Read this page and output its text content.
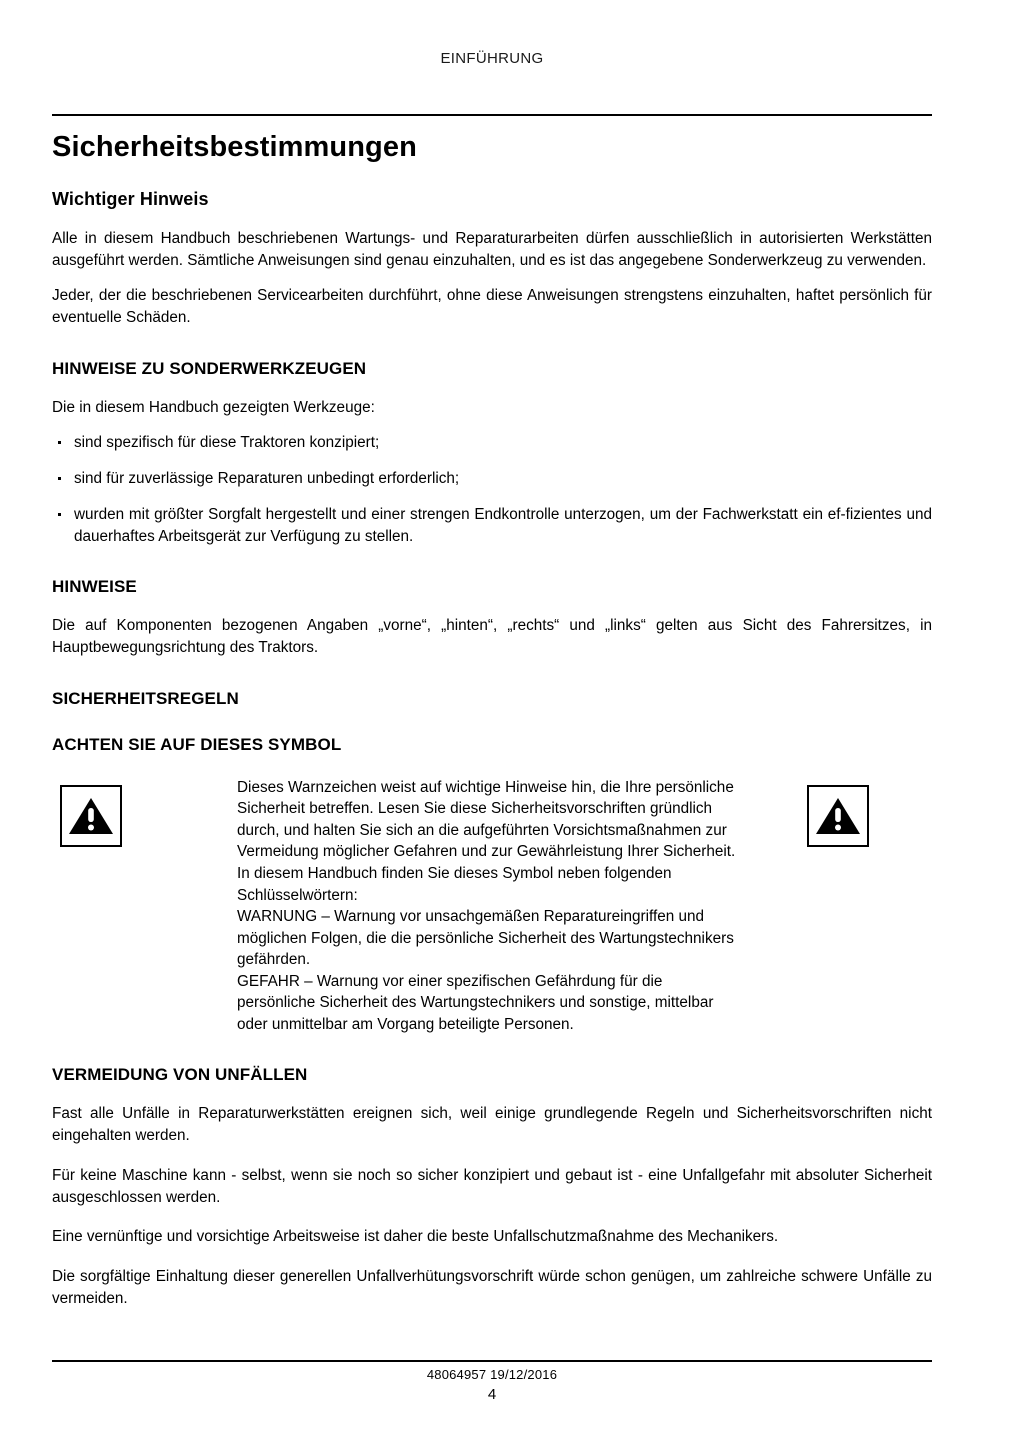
EINFÜHRUNG
Sicherheitsbestimmungen
Wichtiger Hinweis

Alle in diesem Handbuch beschriebenen Wartungs- und Reparaturarbeiten dürfen ausschließlich in autorisierten Werkstätten ausgeführt werden. Sämtliche Anweisungen sind genau einzuhalten, und es ist das angegebene Sonderwerkzeug zu verwenden.

Jeder, der die beschriebenen Servicearbeiten durchführt, ohne diese Anweisungen strengstens einzuhalten, haftet persönlich für eventuelle Schäden.

HINWEISE ZU SONDERWERKZEUGEN

Die in diesem Handbuch gezeigten Werkzeuge:

sind spezifisch für diese Traktoren konzipiert;
sind für zuverlässige Reparaturen unbedingt erforderlich;
wurden mit größter Sorgfalt hergestellt und einer strengen Endkontrolle unterzogen, um der Fachwerkstatt ein ef-fizientes und dauerhaftes Arbeitsgerät zur Verfügung zu stellen.
HINWEISE

Die auf Komponenten bezogenen Angaben „vorne“, „hinten“, „rechts“ und „links“ gelten aus Sicht des Fahrersitzes, in Hauptbewegungsrichtung des Traktors.

SICHERHEITSREGELN
ACHTEN SIE AUF DIESES SYMBOL
Dieses Warnzeichen weist auf wichtige Hinweise hin, die Ihre persönliche
Sicherheit betreffen. Lesen Sie diese Sicherheitsvorschriften gründlich
durch, und halten Sie sich an die aufgeführten Vorsichtsmaßnahmen zur
Vermeidung möglicher Gefahren und zur Gewährleistung Ihrer Sicherheit.
In diesem Handbuch finden Sie dieses Symbol neben folgenden
Schlüsselwörtern:
WARNUNG – Warnung vor unsachgemäßen Reparatureingriffen und
möglichen Folgen, die die persönliche Sicherheit des Wartungstechnikers
gefährden.
GEFAHR – Warnung vor einer spezifischen Gefährdung für die
persönliche Sicherheit des Wartungstechnikers und sonstige, mittelbar
oder unmittelbar am Vorgang beteiligte Personen.
VERMEIDUNG VON UNFÄLLEN

Fast alle Unfälle in Reparaturwerkstätten ereignen sich, weil einige grundlegende Regeln und Sicherheitsvorschriften nicht eingehalten werden.

Für keine Maschine kann - selbst, wenn sie noch so sicher konzipiert und gebaut ist - eine Unfallgefahr mit absoluter Sicherheit ausgeschlossen werden.

Eine vernünftige und vorsichtige Arbeitsweise ist daher die beste Unfallschutzmaßnahme des Mechanikers.

Die sorgfältige Einhaltung dieser generellen Unfallverhütungsvorschrift würde schon genügen, um zahlreiche schwere Unfälle zu vermeiden.

48064957 19/12/2016
4
